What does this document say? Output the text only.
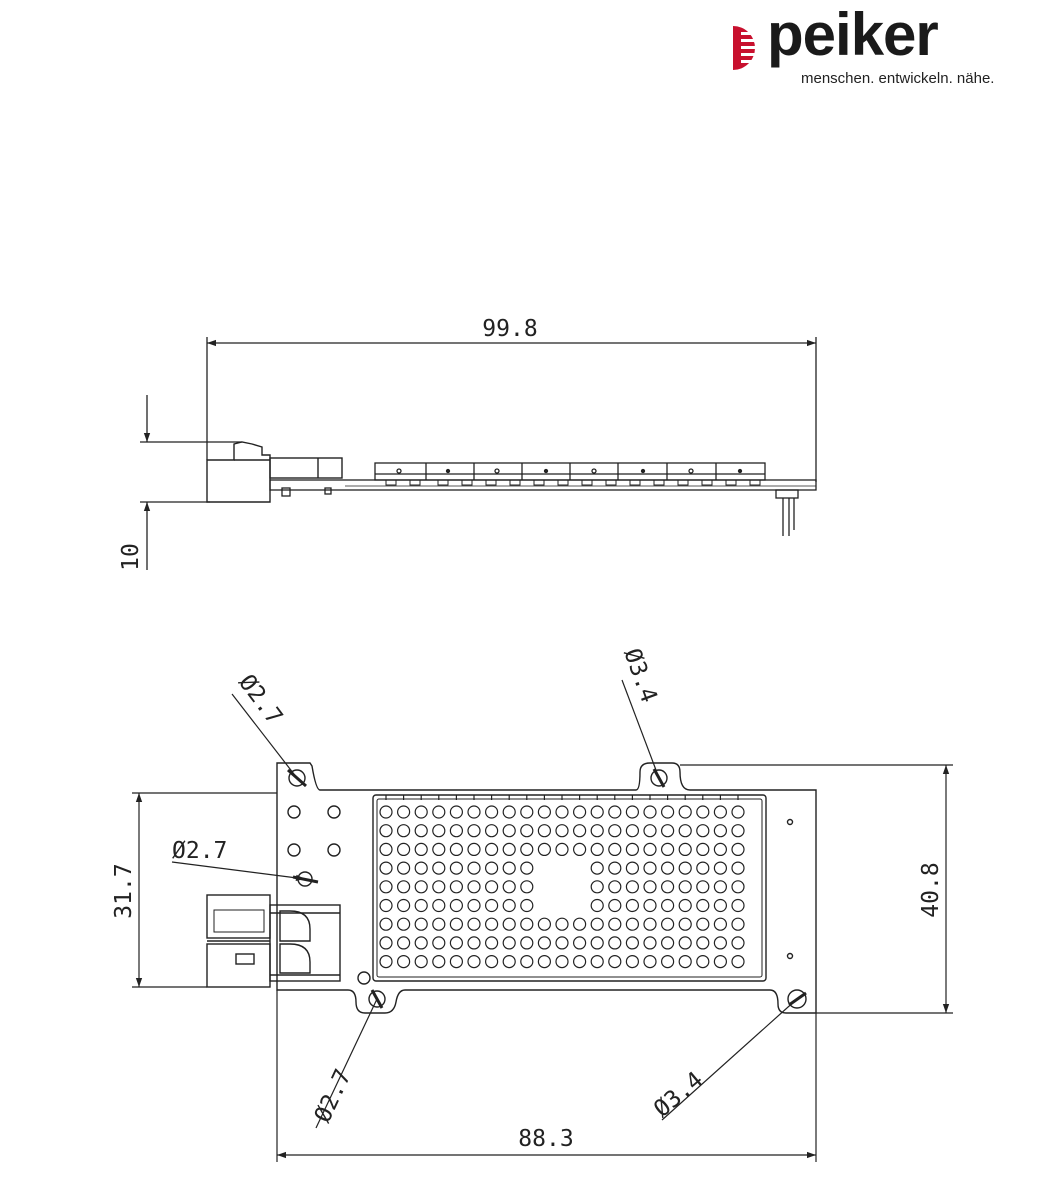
peiker
menschen. entwickeln. nähe.
99.8
10
40.8
31.7
88.3
Ø2.7
Ø2.7
Ø3.4
Ø2.7	Ø3.4
